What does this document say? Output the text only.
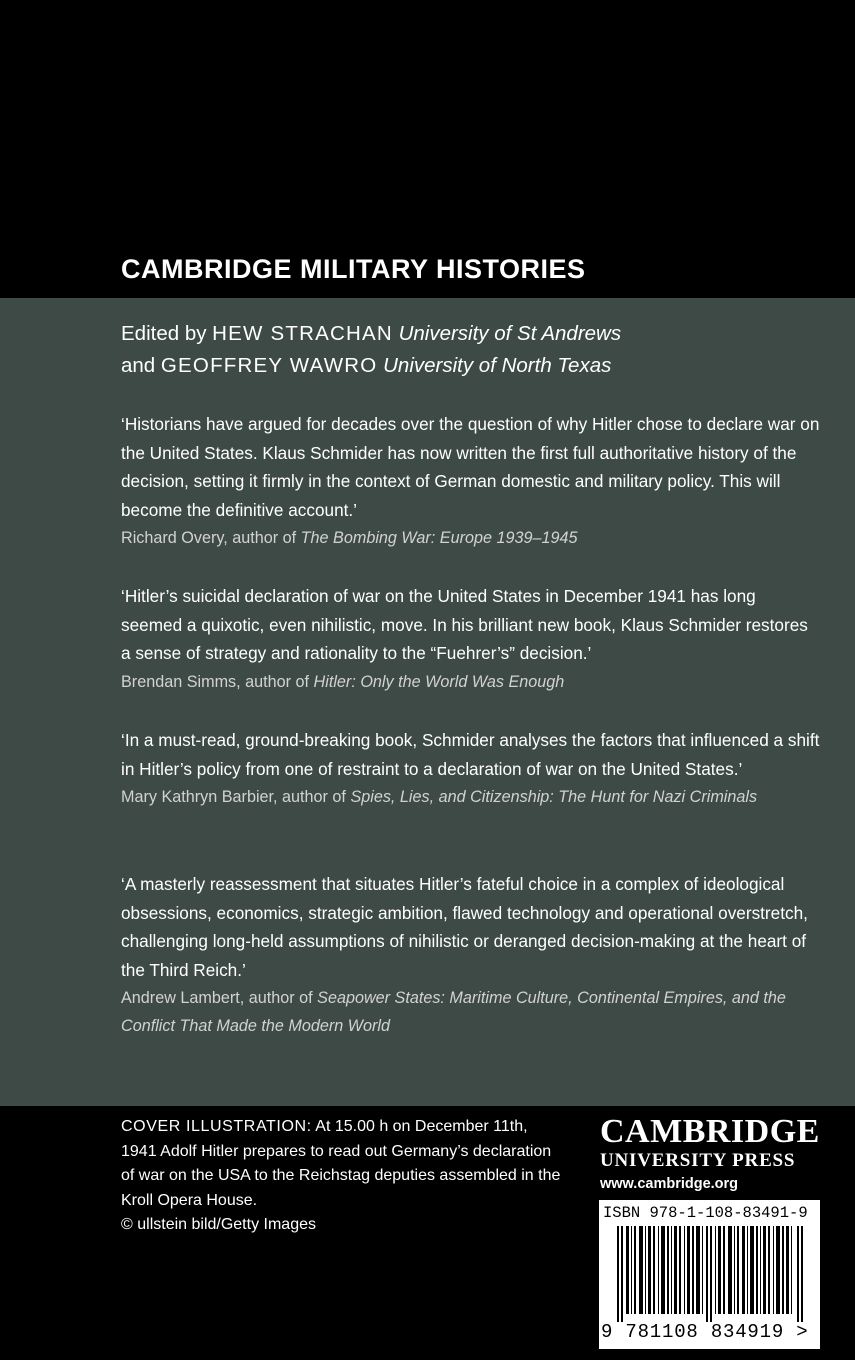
CAMBRIDGE MILITARY HISTORIES
Edited by HEW STRACHAN University of St Andrews
and GEOFFREY WAWRO University of North Texas

‘Historians have argued for decades over the question of why Hitler chose to declare war on the United States. Klaus Schmider has now written the first full authoritative history of the decision, setting it firmly in the context of German domestic and military policy. This will become the definitive account.’

Richard Overy, author of The Bombing War: Europe 1939–1945

‘Hitler’s suicidal declaration of war on the United States in December 1941 has long seemed a quixotic, even nihilistic, move. In his brilliant new book, Klaus Schmider restores a sense of strategy and rationality to the “Fuehrer’s” decision.’

Brendan Simms, author of Hitler: Only the World Was Enough

‘In a must-read, ground-breaking book, Schmider analyses the factors that influenced a shift in Hitler’s policy from one of restraint to a declaration of war on the United States.’

Mary Kathryn Barbier, author of Spies, Lies, and Citizenship: The Hunt for Nazi Criminals

‘A masterly reassessment that situates Hitler’s fateful choice in a complex of ideological obsessions, economics, strategic ambition, flawed technology and operational overstretch, challenging long-held assumptions of nihilistic or deranged decision-making at the heart of the Third Reich.’

Andrew Lambert, author of Seapower States: Maritime Culture, Continental Empires, and the Conflict That Made the Modern World

COVER ILLUSTRATION: At 15.00 h on December 11th, 1941 Adolf Hitler prepares to read out Germany’s declaration of war on the USA to the Reichstag deputies assembled in the Kroll Opera House.
© ullstein bild/Getty Images
CAMBRIDGE
UNIVERSITY PRESS
www.cambridge.org
ISBN 978-1-108-83491-9
9 781108 834919 >
